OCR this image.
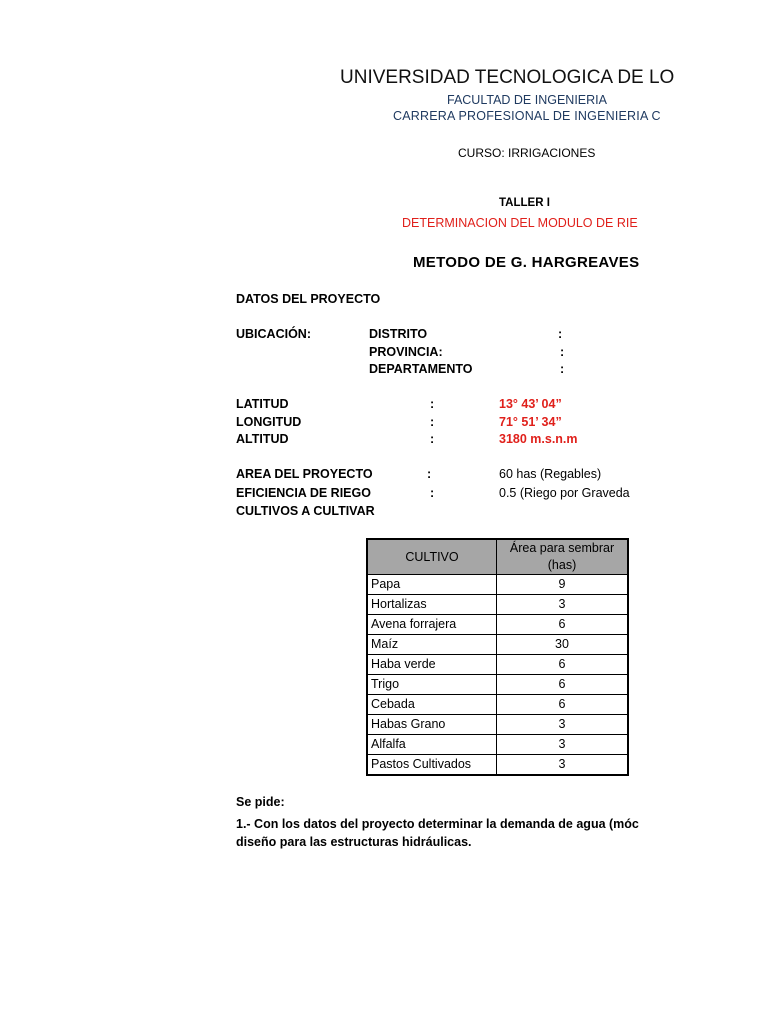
UNIVERSIDAD TECNOLOGICA DE LO
FACULTAD DE INGENIERIA
CARRERA PROFESIONAL DE INGENIERIA C
CURSO: IRRIGACIONES
TALLER I
DETERMINACION DEL MODULO DE RIE
METODO DE G. HARGREAVES
DATOS DEL PROYECTO
UBICACIÓN:	DISTRITO	:
PROVINCIA:	:
DEPARTAMENTO	:
LATITUD	:	13° 43’ 04”
LONGITUD	:	71° 51’ 34”
ALTITUD	:	3180 m.s.n.m
AREA DEL PROYECTO	:	60 has (Regables)
EFICIENCIA DE RIEGO	:	0.5 (Riego por Graveda
CULTIVOS A CULTIVAR
CULTIVO	Área para sembrar (has)
Papa	9
Hortalizas	3
Avena forrajera	6
Maíz	30
Haba verde	6
Trigo	6
Cebada	6
Habas Grano	3
Alfalfa	3
Pastos Cultivados	3
Se pide:
1.- Con los datos del proyecto determinar la demanda de agua (móc
diseño para las estructuras hidráulicas.
